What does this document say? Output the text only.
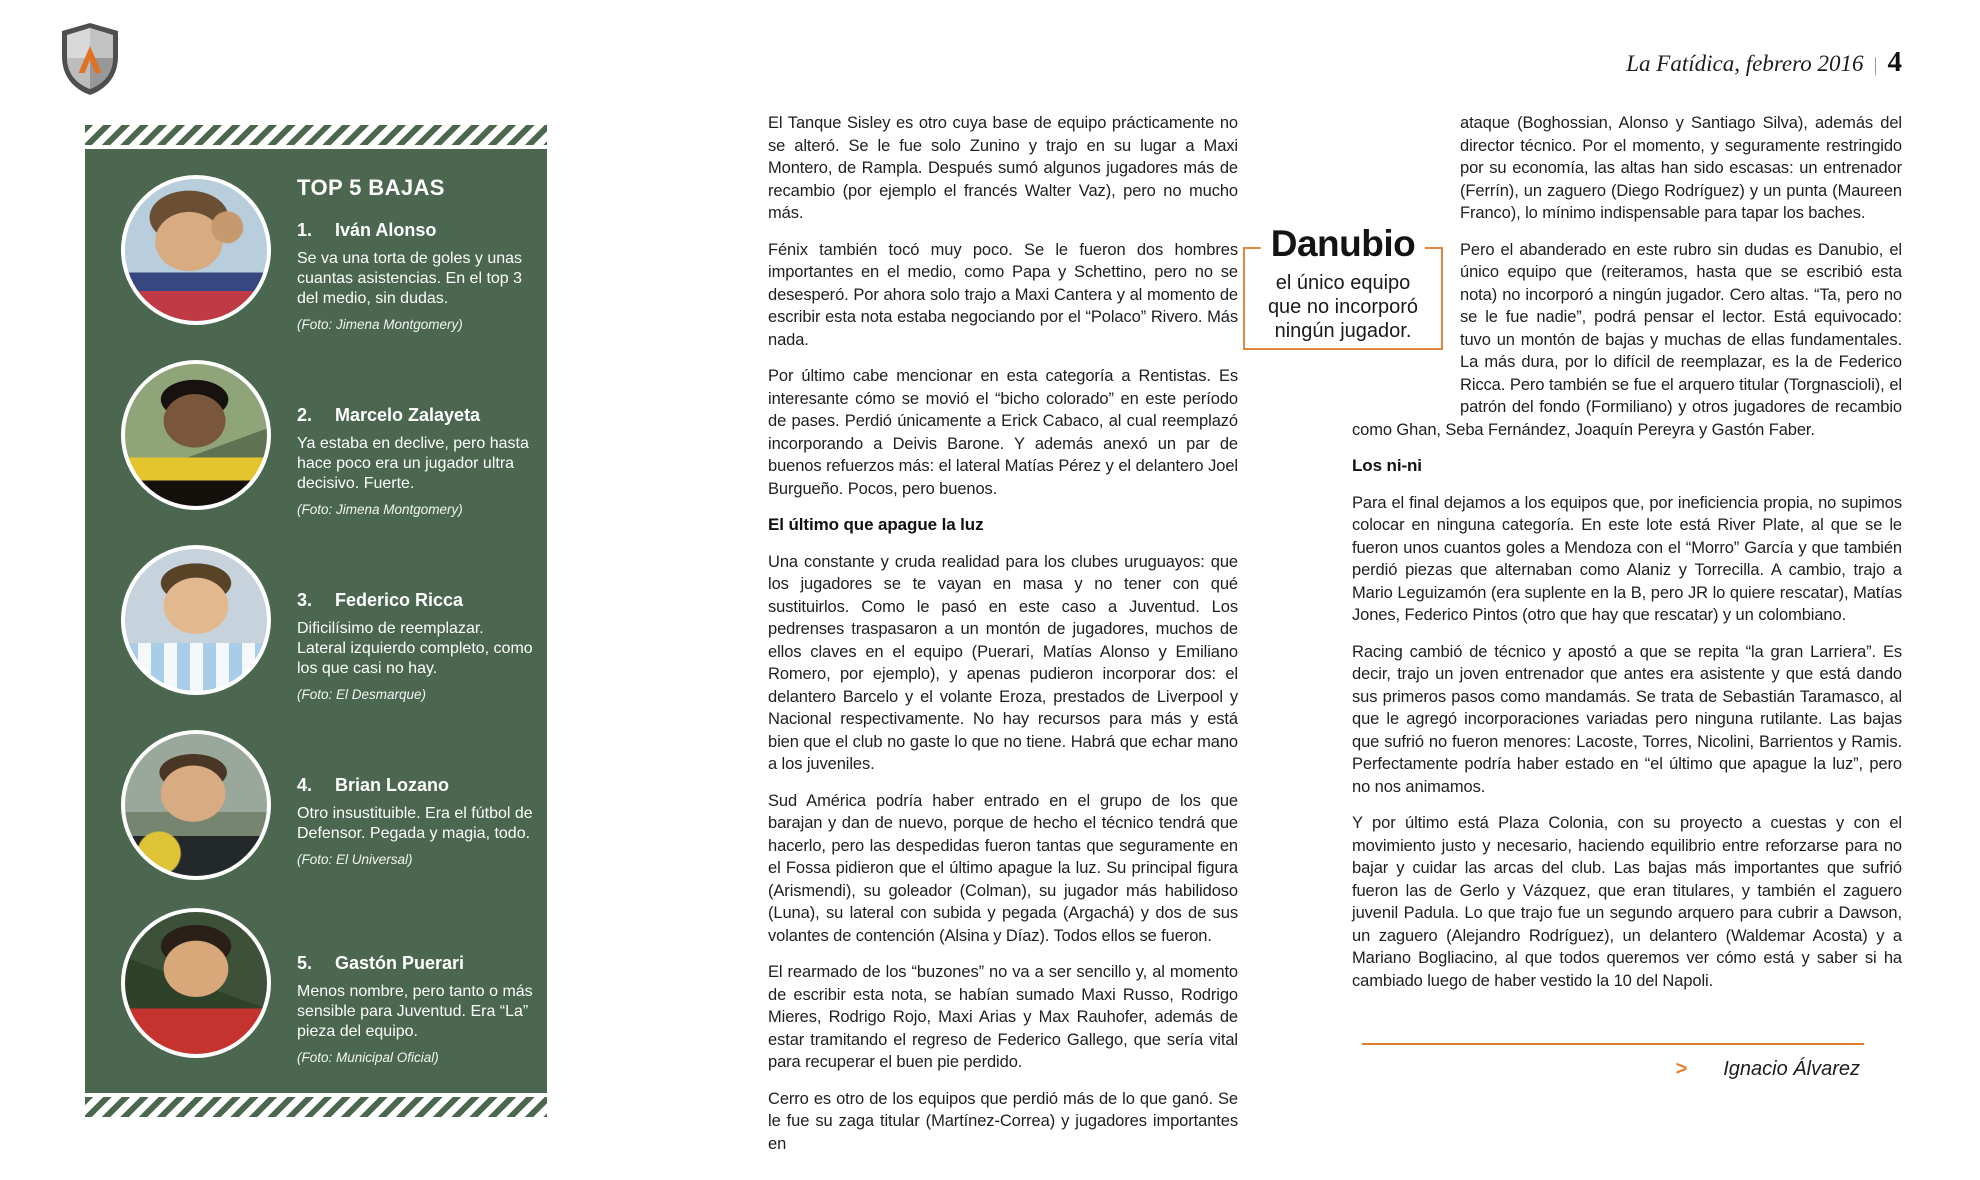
La Fatídica, febrero 2016 | 4
TOP 5 BAJAS
1.	Iván Alonso
Se va una torta de goles y unas cuantas asistencias. En el top 3 del medio, sin dudas.
(Foto: Jimena Montgomery)
2.	Marcelo Zalayeta
Ya estaba en declive, pero hasta hace poco era un jugador ultra decisivo. Fuerte.
(Foto: Jimena Montgomery)
3.	Federico Ricca
Dificilísimo de reemplazar. Lateral izquierdo completo, como los que casi no hay.
(Foto: El Desmarque)
4.	Brian Lozano
Otro insustituible. Era el fútbol de Defensor. Pegada y magia, todo.
(Foto: El Universal)
5.	Gastón Puerari
Menos nombre, pero tanto o más sensible para Juventud. Era “La” pieza del equipo.
(Foto: Municipal Oficial)

El Tanque Sisley es otro cuya base de equipo prácticamente no se alteró. Se le fue solo Zunino y trajo en su lugar a Maxi Montero, de Rampla. Después sumó algunos jugadores más de recambio (por ejemplo el francés Walter Vaz), pero no mucho más.

Fénix también tocó muy poco. Se le fueron dos hombres importantes en el medio, como Papa y Schettino, pero no se desesperó. Por ahora solo trajo a Maxi Cantera y al momento de escribir esta nota estaba negociando por el “Polaco” Rivero. Más nada.

Por último cabe mencionar en esta categoría a Rentistas. Es interesante cómo se movió el “bicho colorado” en este período de pases. Perdió únicamente a Erick Cabaco, al cual reemplazó incorporando a Deivis Barone. Y además anexó un par de buenos refuerzos más: el lateral Matías Pérez y el delantero Joel Burgueño. Pocos, pero buenos.

El último que apague la luz

Una constante y cruda realidad para los clubes uruguayos: que los jugadores se te vayan en masa y no tener con qué sustituirlos. Como le pasó en este caso a Juventud. Los pedrenses traspasaron a un montón de jugadores, muchos de ellos claves en el equipo (Puerari, Matías Alonso y Emiliano Romero, por ejemplo), y apenas pudieron incorporar dos: el delantero Barcelo y el volante Eroza, prestados de Liverpool y Nacional respectivamente. No hay recursos para más y está bien que el club no gaste lo que no tiene. Habrá que echar mano a los juveniles.

Sud América podría haber entrado en el grupo de los que barajan y dan de nuevo, porque de hecho el técnico tendrá que hacerlo, pero las despedidas fueron tantas que seguramente en el Fossa pidieron que el último apague la luz. Su principal figura (Arismendi), su goleador (Colman), su jugador más habilidoso (Luna), su lateral con subida y pegada (Argachá) y dos de sus volantes de contención (Alsina y Díaz). Todos ellos se fueron.

El rearmado de los “buzones” no va a ser sencillo y, al momento de escribir esta nota, se habían sumado Maxi Russo, Rodrigo Mieres, Rodrigo Rojo, Maxi Arias y Max Rauhofer, además de estar tramitando el regreso de Federico Gallego, que sería vital para recuperar el buen pie perdido.

Cerro es otro de los equipos que perdió más de lo que ganó. Se le fue su zaga titular (Martínez-Correa) y jugadores importantes en

ataque (Boghossian, Alonso y Santiago Silva), además del director técnico. Por el momento, y seguramente restringido por su economía, las altas han sido escasas: un entrenador (Ferrín), un zaguero (Diego Rodríguez) y un punta (Maureen Franco), lo mínimo indispensable para tapar los baches.

Pero el abanderado en este rubro sin dudas es Danubio, el único equipo que (reiteramos, hasta que se escribió esta nota) no incorporó a ningún jugador. Cero altas. “Ta, pero no se le fue nadie”, podrá pensar el lector. Está equivocado: tuvo un montón de bajas y muchas de ellas fundamentales. La más dura, por lo difícil de reemplazar, es la de Federico Ricca. Pero también se fue el arquero titular (Torgnascioli), el patrón del fondo (Formiliano) y otros jugadores de recambio como Ghan, Seba Fernández, Joaquín Pereyra y Gastón Faber.

Los ni-ni

Para el final dejamos a los equipos que, por ineficiencia propia, no supimos colocar en ninguna categoría. En este lote está River Plate, al que se le fueron unos cuantos goles a Mendoza con el “Morro” García y que también perdió piezas que alternaban como Alaniz y Torrecilla. A cambio, trajo a Mario Leguizamón (era suplente en la B, pero JR lo quiere rescatar), Matías Jones, Federico Pintos (otro que hay que rescatar) y un colombiano.

Racing cambió de técnico y apostó a que se repita “la gran Larriera”. Es decir, trajo un joven entrenador que antes era asistente y que está dando sus primeros pasos como mandamás. Se trata de Sebastián Taramasco, al que le agregó incorporaciones variadas pero ninguna rutilante. Las bajas que sufrió no fueron menores: Lacoste, Torres, Nicolini, Barrientos y Ramis. Perfectamente podría haber estado en “el último que apague la luz”, pero no nos animamos.

Y por último está Plaza Colonia, con su proyecto a cuestas y con el movimiento justo y necesario, haciendo equilibrio entre reforzarse para no bajar y cuidar las arcas del club. Las bajas más importantes que sufrió fueron las de Gerlo y Vázquez, que eran titulares, y también el zaguero juvenil Padula. Lo que trajo fue un segundo arquero para cubrir a Dawson, un zaguero (Alejandro Rodríguez), un delantero (Waldemar Acosta) y a Mariano Bogliacino, al que todos queremos ver cómo está y saber si ha cambiado luego de haber vestido la 10 del Napoli.

Danubio
el único equipo
que no incorporó
ningún jugador.
> Ignacio Álvarez
